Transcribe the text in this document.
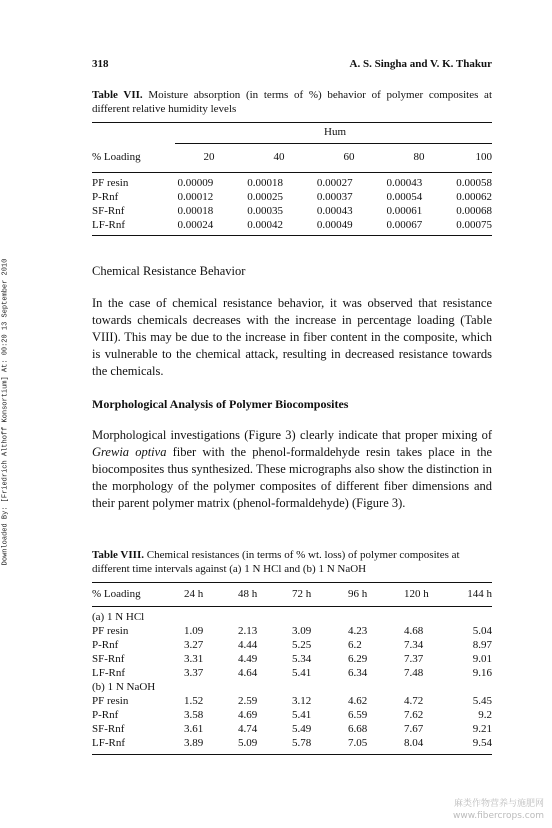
Downloaded By: [Friedrich Althoff Konsortium] At: 00:20 13 September 2010
318	A. S. Singha and V. K. Thakur
Table VII. Moisture absorption (in terms of %) behavior of polymer composites at different relative humidity levels
Hum
% Loading	20	40	60	80	100
PF resin	0.00009	0.00018	0.00027	0.00043	0.00058
P-Rnf	0.00012	0.00025	0.00037	0.00054	0.00062
SF-Rnf	0.00018	0.00035	0.00043	0.00061	0.00068
LF-Rnf	0.00024	0.00042	0.00049	0.00067	0.00075
Chemical Resistance Behavior
In the case of chemical resistance behavior, it was observed that resistance towards chemicals decreases with the increase in percentage loading (Table VIII). This may be due to the increase in fiber content in the composite, which is vulnerable to the chemical attack, resulting in decreased resistance towards the chemicals.
Morphological Analysis of Polymer Biocomposites
Morphological investigations (Figure 3) clearly indicate that proper mixing of Grewia optiva fiber with the phenol-formaldehyde resin takes place in the biocomposites thus synthesized. These micrographs also show the distinction in the morphology of the polymer composites of different fiber dimensions and their parent polymer matrix (phenol-formaldehyde) (Figure 3).
Table VIII. Chemical resistances (in terms of % wt. loss) of polymer composites at different time intervals against (a) 1 N HCl and (b) 1 N NaOH
% Loading	24 h	48 h	72 h	96 h	120 h	144 h
(a) 1 N HCl						
PF resin	1.09	2.13	3.09	4.23	4.68	5.04
P-Rnf	3.27	4.44	5.25	6.2	7.34	8.97
SF-Rnf	3.31	4.49	5.34	6.29	7.37	9.01
LF-Rnf	3.37	4.64	5.41	6.34	7.48	9.16
(b) 1 N NaOH						
PF resin	1.52	2.59	3.12	4.62	4.72	5.45
P-Rnf	3.58	4.69	5.41	6.59	7.62	9.2
SF-Rnf	3.61	4.74	5.49	6.68	7.67	9.21
LF-Rnf	3.89	5.09	5.78	7.05	8.04	9.54
麻类作物营养与施肥网
www.fibercrops.com
